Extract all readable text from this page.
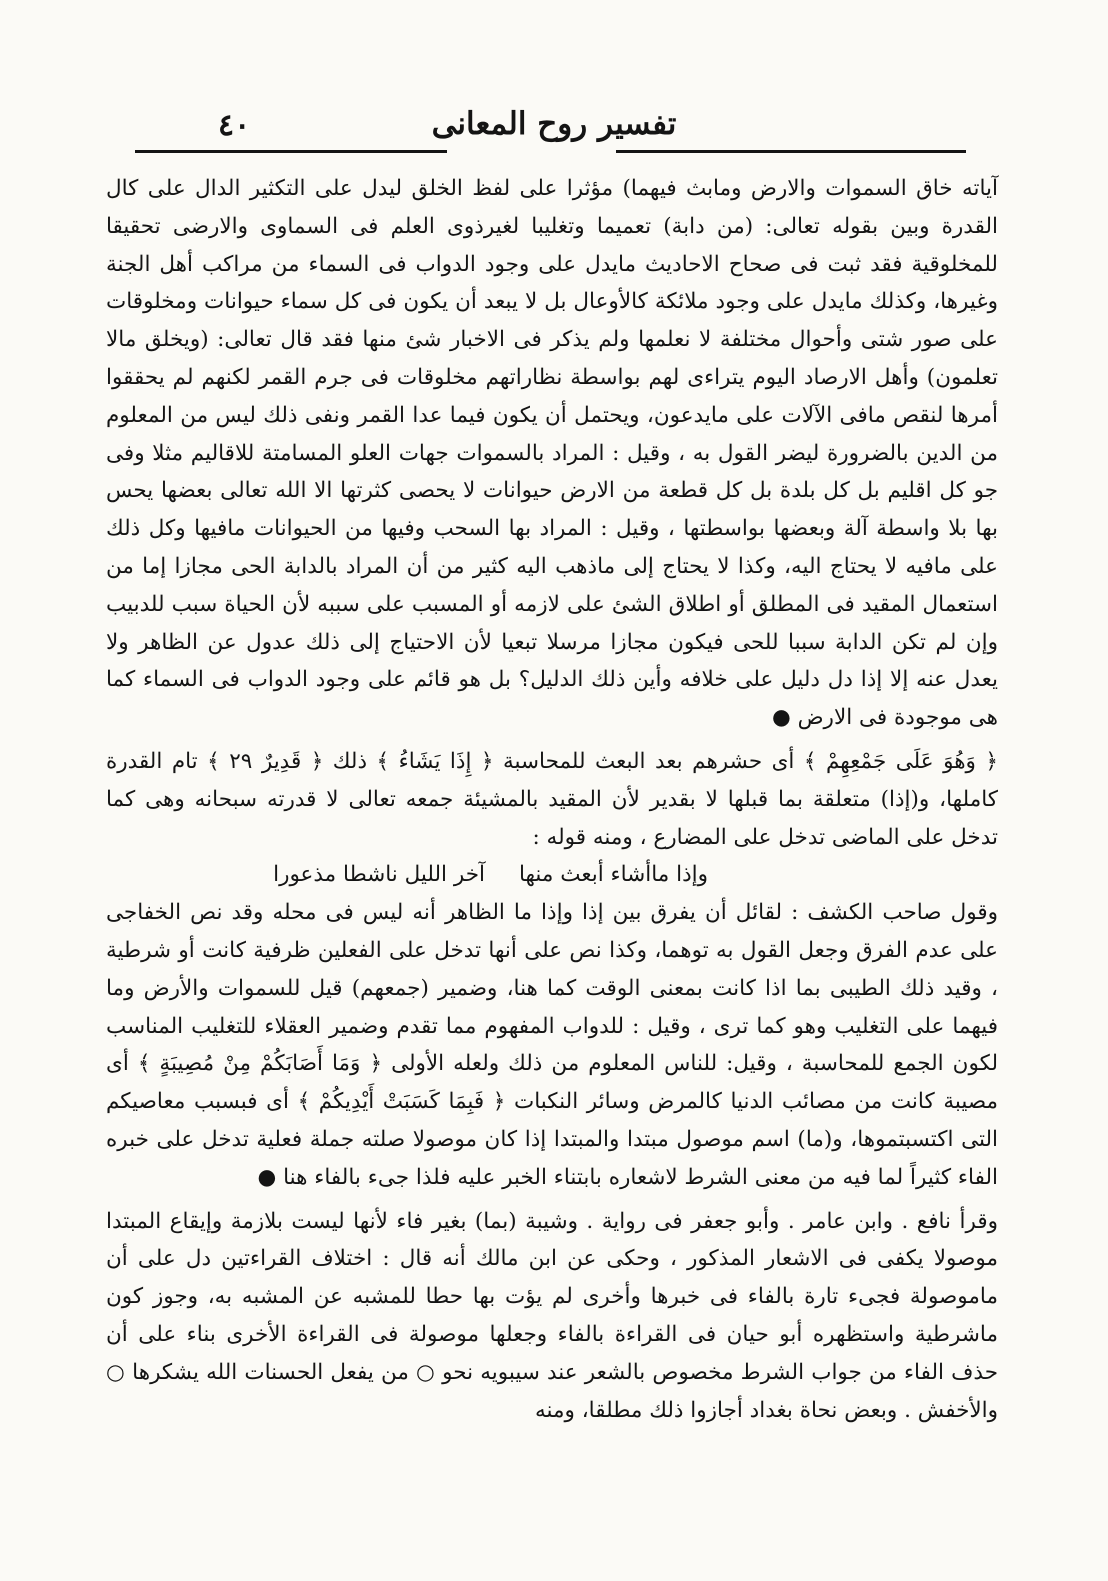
٤٠	تفسير روح المعانى

آياته خاق السموات والارض ومابث فيهما) مؤثرا على لفظ الخلق ليدل على التكثير الدال على كال القدرة وبين بقوله تعالى: (من دابة) تعميما وتغليبا لغيرذوى العلم فى السماوى والارضى تحقيقا للمخلوقية فقد ثبت فى صحاح الاحاديث مايدل على وجود الدواب فى السماء من مراكب أهل الجنة وغيرها، وكذلك مايدل على وجود ملائكة كالأوعال بل لا يبعد أن يكون فى كل سماء حيوانات ومخلوقات على صور شتى وأحوال مختلفة لا نعلمها ولم يذكر فى الاخبار شئ منها فقد قال تعالى: (ويخلق مالا تعلمون) وأهل الارصاد اليوم يتراءى لهم بواسطة نظاراتهم مخلوقات فى جرم القمر لكنهم لم يحققوا أمرها لنقص مافى الآلات على مايدعون، ويحتمل أن يكون فيما عدا القمر ونفى ذلك ليس من المعلوم من الدين بالضرورة ليضر القول به ، وقيل : المراد بالسموات جهات العلو المسامتة للاقاليم مثلا وفى جو كل اقليم بل كل بلدة بل كل قطعة من الارض حيوانات لا يحصى كثرتها الا الله تعالى بعضها يحس بها بلا واسطة آلة وبعضها بواسطتها ، وقيل : المراد بها السحب وفيها من الحيوانات مافيها وكل ذلك على مافيه لا يحتاج اليه، وكذا لا يحتاج إلى ماذهب اليه كثير من أن المراد بالدابة الحى مجازا إما من استعمال المقيد فى المطلق أو اطلاق الشئ على لازمه أو المسبب على سببه لأن الحياة سبب للدبيب وإن لم تكن الدابة سببا للحى فيكون مجازا مرسلا تبعيا لأن الاحتياج إلى ذلك عدول عن الظاهر ولا يعدل عنه إلا إذا دل دليل على خلافه وأين ذلك الدليل؟ بل هو قائم على وجود الدواب فى السماء كما هى موجودة فى الارض ●

﴿ وَهُوَ عَلَى جَمْعِهِمْ ﴾ أى حشرهم بعد البعث للمحاسبة ﴿ إِذَا يَشَاءُ ﴾ ذلك ﴿ قَدِيرٌ ٢٩ ﴾ تام القدرة كاملها، و(إذا) متعلقة بما قبلها لا بقدير لأن المقيد بالمشيئة جمعه تعالى لا قدرته سبحانه وهى كما تدخل على الماضى تدخل على المضارع ، ومنه قوله :

وإذا ماأشاء أبعث منهاآخر الليل ناشطا مذعورا

وقول صاحب الكشف : لقائل أن يفرق بين إذا وإذا ما الظاهر أنه ليس فى محله وقد نص الخفاجى على عدم الفرق وجعل القول به توهما، وكذا نص على أنها تدخل على الفعلين ظرفية كانت أو شرطية ، وقيد ذلك الطيبى بما اذا كانت بمعنى الوقت كما هنا، وضمير (جمعهم) قيل للسموات والأرض وما فيهما على التغليب وهو كما ترى ، وقيل : للدواب المفهوم مما تقدم وضمير العقلاء للتغليب المناسب لكون الجمع للمحاسبة ، وقيل: للناس المعلوم من ذلك ولعله الأولى ﴿ وَمَا أَصَابَكُمْ مِنْ مُصِيبَةٍ ﴾ أى مصيبة كانت من مصائب الدنيا كالمرض وسائر النكبات ﴿ فَبِمَا كَسَبَتْ أَيْدِيكُمْ ﴾ أى فبسبب معاصيكم التى اكتسبتموها، و(ما) اسم موصول مبتدا والمبتدا إذا كان موصولا صلته جملة فعلية تدخل على خبره الفاء كثيراً لما فيه من معنى الشرط لاشعاره بابتناء الخبر عليه فلذا جىء بالفاء هنا ●

وقرأ نافع . وابن عامر . وأبو جعفر فى رواية . وشيبة (بما) بغير فاء لأنها ليست بلازمة وإيقاع المبتدا موصولا يكفى فى الاشعار المذكور ، وحكى عن ابن مالك أنه قال : اختلاف القراءتين دل على أن ماموصولة فجىء تارة بالفاء فى خبرها وأخرى لم يؤت بها حطا للمشبه عن المشبه به، وجوز كون ماشرطية واستظهره أبو حيان فى القراءة بالفاء وجعلها موصولة فى القراءة الأخرى بناء على أن حذف الفاء من جواب الشرط مخصوص بالشعر عند سيبويه نحو ○ من يفعل الحسنات الله يشكرها ○ والأخفش . وبعض نحاة بغداد أجازوا ذلك مطلقا، ومنه
